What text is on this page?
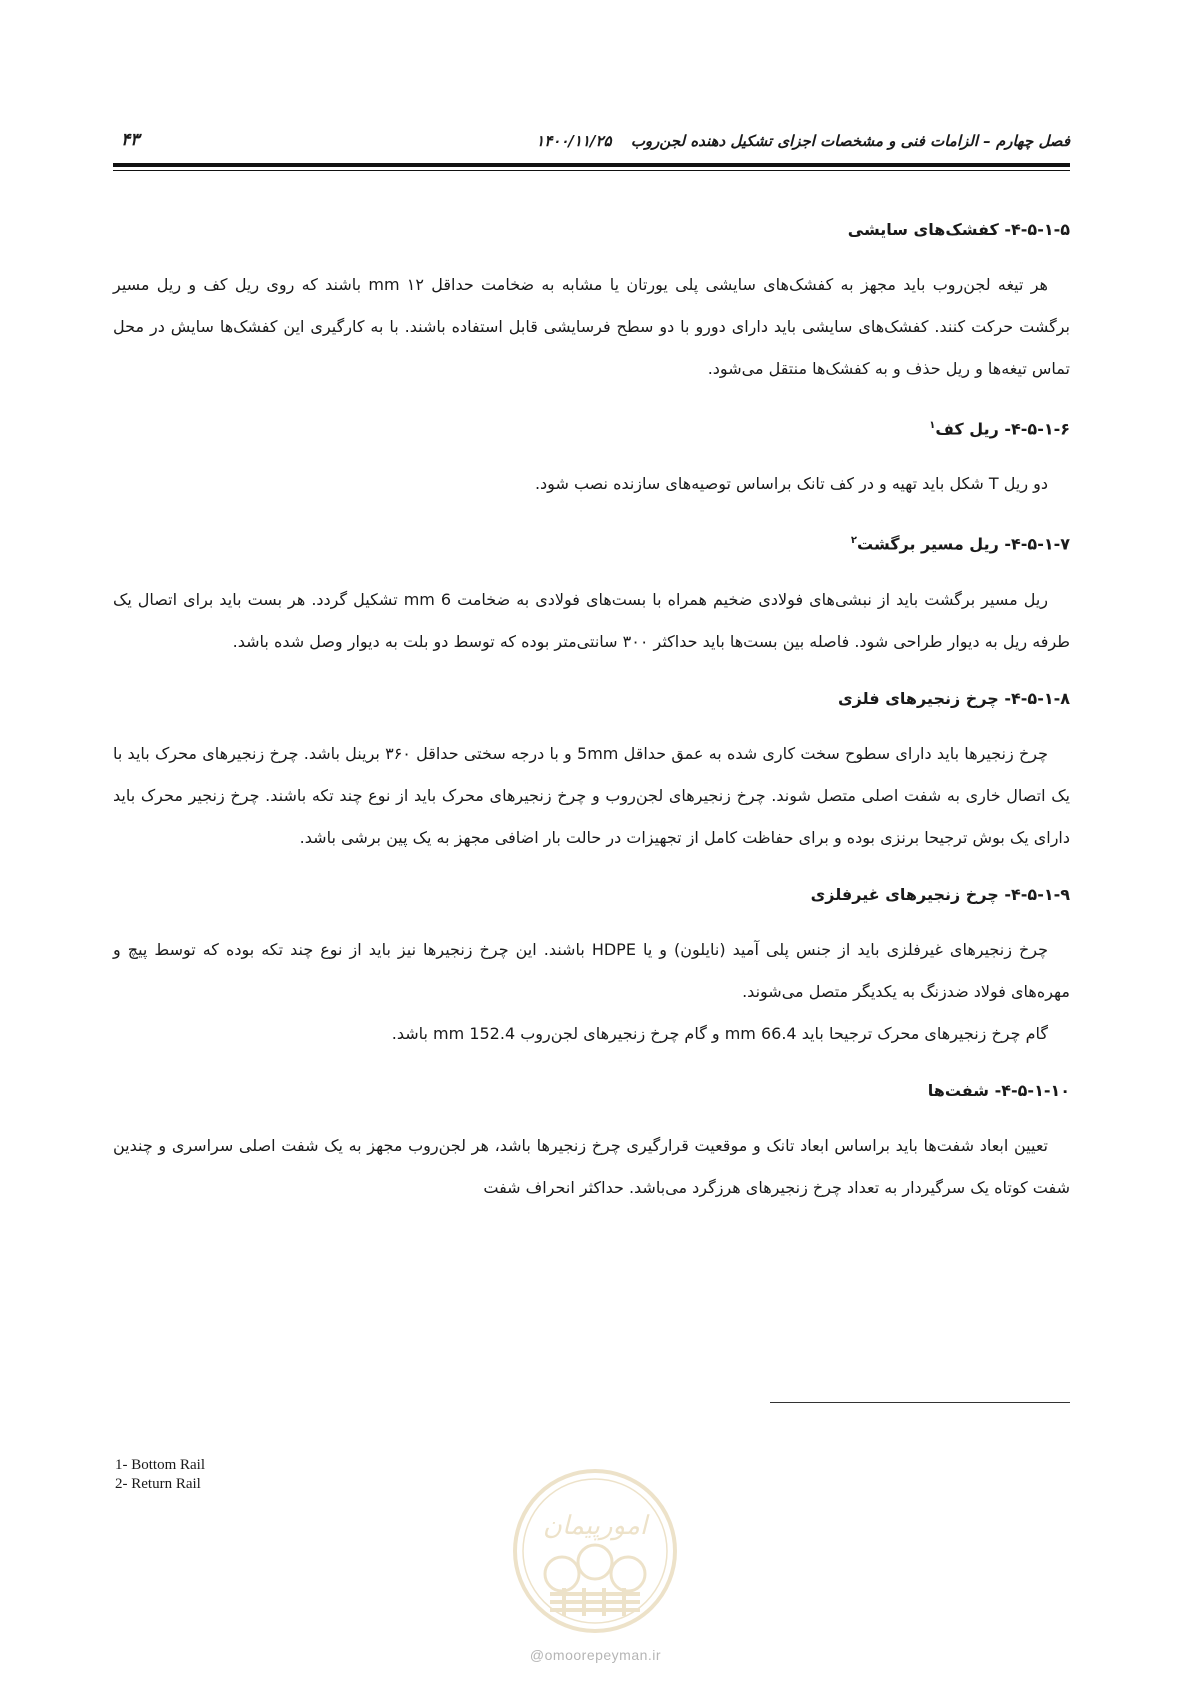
فصل چهارم – الزامات فنی و مشخصات اجزای تشکیل دهنده لجن‌روب ۱۴۰۰/۱۱/۲۵
۴۳
۴-۵-۱-۵- کفشک‌های سایشی

هر تیغه لجن‌روب باید مجهز به کفشک‌های سایشی پلی یورتان یا مشابه به ضخامت حداقل mm ۱۲ باشند که روی ریل کف و ریل مسیر برگشت حرکت کنند. کفشک‌های سایشی باید دارای دورو با دو سطح فرسایشی قابل استفاده باشند. با به کارگیری این کفشک‌ها سایش در محل تماس تیغه‌ها و ریل حذف و به کفشک‌ها منتقل می‌شود.

۴-۵-۱-۶- ریل کف$^۱$

دو ریل T شکل باید تهیه و در کف تانک براساس توصیه‌های سازنده نصب شود.

۴-۵-۱-۷- ریل مسیر برگشت$^۲$

ریل مسیر برگشت باید از نبشی‌های فولادی ضخیم همراه با بست‌های فولادی به ضخامت 6 mm تشکیل گردد. هر بست باید برای اتصال یک طرفه ریل به دیوار طراحی شود. فاصله بین بست‌ها باید حداکثر ۳۰۰ سانتی‌متر بوده که توسط دو بلت به دیوار وصل شده باشد.

۴-۵-۱-۸- چرخ زنجیرهای فلزی

چرخ زنجیرها باید دارای سطوح سخت کاری شده به عمق حداقل 5mm و با درجه سختی حداقل ۳۶۰ برینل باشد. چرخ زنجیرهای محرک باید با یک اتصال خاری به شفت اصلی متصل شوند. چرخ زنجیرهای لجن‌روب و چرخ زنجیرهای محرک باید از نوع چند تکه باشند. چرخ زنجیر محرک باید دارای یک بوش ترجیحا برنزی بوده و برای حفاظت کامل از تجهیزات در حالت بار اضافی مجهز به یک پین برشی باشد.

۴-۵-۱-۹- چرخ زنجیرهای غیرفلزی

چرخ زنجیرهای غیرفلزی باید از جنس پلی آمید (نایلون) و یا HDPE باشند. این چرخ زنجیرها نیز باید از نوع چند تکه بوده که توسط پیچ و مهره‌های فولاد ضدزنگ به یکدیگر متصل می‌شوند.

گام چرخ زنجیرهای محرک ترجیحا باید 66.4 mm و گام چرخ زنجیرهای لجن‌روب 152.4 mm باشد.

۴-۵-۱-۱۰- شفت‌ها

تعیین ابعاد شفت‌ها باید براساس ابعاد تانک و موقعیت قرارگیری چرخ زنجیرها باشد، هر لجن‌روب مجهز به یک شفت اصلی سراسری و چندین شفت کوتاه یک سرگیردار به تعداد چرخ زنجیرهای هرزگرد می‌باشد. حداکثر انحراف شفت

1- Bottom Rail
2- Return Rail
امورپیمان
@omoorepeyman.ir
